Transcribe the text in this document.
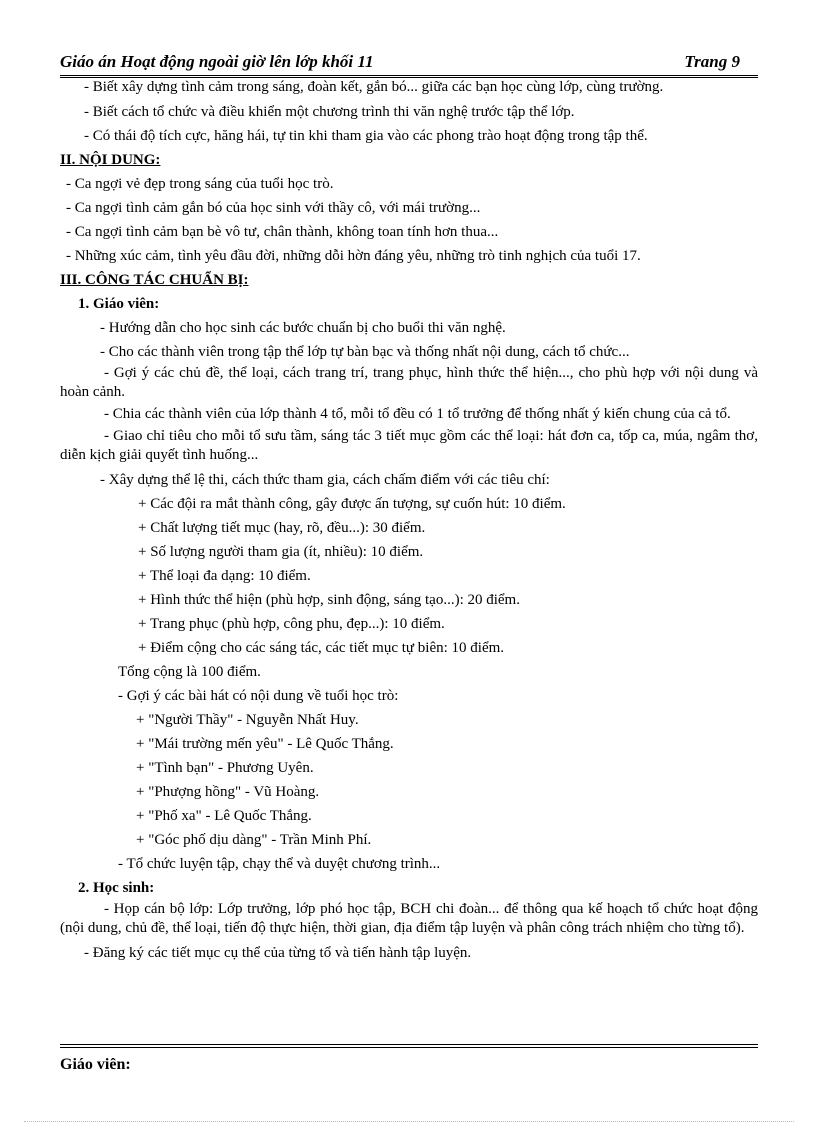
Giáo án Hoạt động ngoài giờ lên lớp khối 11	Trang 9

- Biết xây dựng tình cảm trong sáng, đoàn kết, gắn bó... giữa các bạn học cùng lớp, cùng trường.

- Biết cách tổ chức và điều khiển một chương trình thi văn nghệ trước tập thể lớp.

- Có thái độ tích cực, hăng hái, tự tin khi tham gia vào các phong trào hoạt động trong tập thể.

II. NỘI DUNG:

- Ca ngợi vẻ đẹp trong sáng của tuổi học trò.

- Ca ngợi tình cảm gắn bó của học sinh với thầy cô, với mái trường...

- Ca ngợi tình cảm bạn bè vô tư, chân thành, không toan tính hơn thua...

- Những xúc cảm, tình yêu đầu đời, những dỗi hờn đáng yêu, những trò tinh nghịch của tuổi 17.

III. CÔNG TÁC CHUẨN BỊ:

1. Giáo viên:

- Hướng dẫn cho học sinh các bước chuẩn bị cho buổi thi văn nghệ.

- Cho các thành viên trong tập thể lớp tự bàn bạc và thống nhất nội dung, cách tổ chức...

- Gợi ý các chủ đề, thể loại, cách trang trí, trang phục, hình thức thể hiện..., cho phù hợp với nội dung và hoàn cảnh.

- Chia các thành viên của lớp thành 4 tổ, mỗi tổ đều có 1 tổ trưởng để thống nhất ý kiến chung của cả tổ.

- Giao chỉ tiêu cho mỗi tổ sưu tầm, sáng tác 3 tiết mục gồm các thể loại: hát đơn ca, tốp ca, múa, ngâm thơ, diễn kịch giải quyết tình huống...

- Xây dựng thể lệ thi, cách thức tham gia, cách chấm điểm với các tiêu chí:

+ Các đội ra mắt thành công, gây được ấn tượng, sự cuốn hút: 10 điểm.

+ Chất lượng tiết mục (hay, rõ, đều...): 30 điểm.

+ Số lượng người tham gia (ít, nhiều): 10 điểm.

+ Thể loại đa dạng: 10 điểm.

+ Hình thức thể hiện (phù hợp, sinh động, sáng tạo...): 20 điểm.

+ Trang phục (phù hợp, công phu, đẹp...): 10 điểm.

+ Điểm cộng cho các sáng tác, các tiết mục tự biên: 10 điểm.

Tổng cộng là 100 điểm.

- Gợi ý các bài hát có nội dung về tuổi học trò:

+ "Người Thầy" - Nguyễn Nhất Huy.

+ "Mái trường mến yêu" - Lê Quốc Thắng.

+ "Tình bạn" - Phương Uyên.

+ "Phượng hồng" - Vũ Hoàng.

+ "Phố xa" - Lê Quốc Thắng.

+ "Góc phố dịu dàng" - Trần Minh Phí.

- Tổ chức luyện tập, chạy thể và duyệt chương trình...

2. Học sinh:

- Họp cán bộ lớp: Lớp trưởng, lớp phó học tập, BCH chi đoàn... để thông qua kế hoạch tổ chức hoạt động (nội dung, chủ đề, thể loại, tiến độ thực hiện, thời gian, địa điểm tập luyện và phân công trách nhiệm cho từng tổ).

- Đăng ký các tiết mục cụ thể của từng tổ và tiến hành tập luyện.

Giáo viên:
